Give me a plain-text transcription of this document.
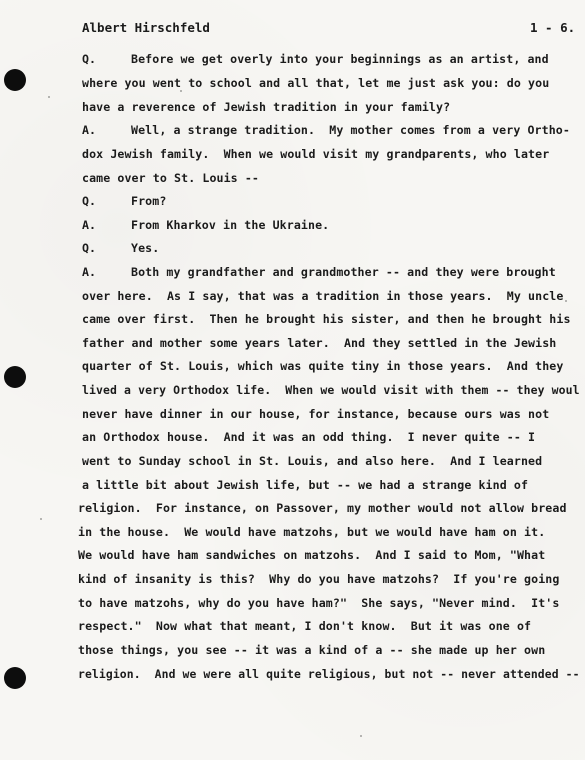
Albert Hirschfeld	1 - 6.
Q.	Before we get overly into your beginnings as an artist, and
where you went to school and all that, let me just ask you: do you
have a reverence of Jewish tradition in your family?
A.	Well, a strange tradition.  My mother comes from a very Ortho-
dox Jewish family.  When we would visit my grandparents, who later
came over to St. Louis --
Q.	From?
A.	From Kharkov in the Ukraine.
Q.	Yes.
A.	Both my grandfather and grandmother -- and they were brought
over here.  As I say, that was a tradition in those years.  My uncle
came over first.  Then he brought his sister, and then he brought his
father and mother some years later.  And they settled in the Jewish
quarter of St. Louis, which was quite tiny in those years.  And they
lived a very Orthodox life.  When we would visit with them -- they woul
never have dinner in our house, for instance, because ours was not
an Orthodox house.  And it was an odd thing.  I never quite -- I
went to Sunday school in St. Louis, and also here.  And I learned
a little bit about Jewish life, but -- we had a strange kind of
religion.  For instance, on Passover, my mother would not allow bread
in the house.  We would have matzohs, but we would have ham on it.
We would have ham sandwiches on matzohs.  And I said to Mom, "What
kind of insanity is this?  Why do you have matzohs?  If you're going
to have matzohs, why do you have ham?"  She says, "Never mind.  It's
respect."  Now what that meant, I don't know.  But it was one of
those things, you see -- it was a kind of a -- she made up her own
religion.  And we were all quite religious, but not -- never attended --
